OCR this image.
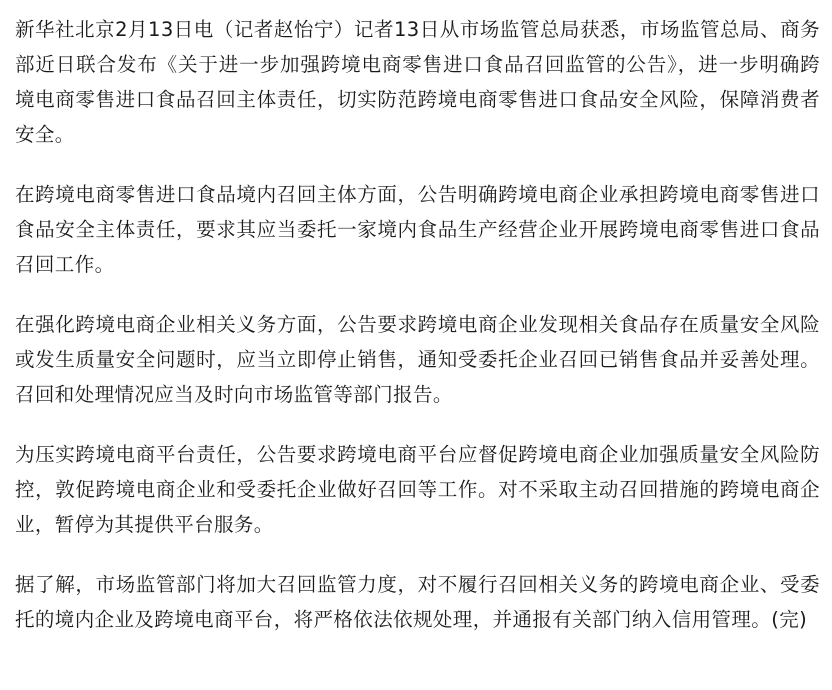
新华社北京2月13日电（记者赵怡宁）记者13日从市场监管总局获悉，市场监管总局、商务部近日联合发布《关于进一步加强跨境电商零售进口食品召回监管的公告》，进一步明确跨境电商零售进口食品召回主体责任，切实防范跨境电商零售进口食品安全风险，保障消费者安全。

在跨境电商零售进口食品境内召回主体方面，公告明确跨境电商企业承担跨境电商零售进口食品安全主体责任，要求其应当委托一家境内食品生产经营企业开展跨境电商零售进口食品召回工作。

在强化跨境电商企业相关义务方面，公告要求跨境电商企业发现相关食品存在质量安全风险或发生质量安全问题时，应当立即停止销售，通知受委托企业召回已销售食品并妥善处理。召回和处理情况应当及时向市场监管等部门报告。

为压实跨境电商平台责任，公告要求跨境电商平台应督促跨境电商企业加强质量安全风险防控，敦促跨境电商企业和受委托企业做好召回等工作。对不采取主动召回措施的跨境电商企业，暂停为其提供平台服务。

据了解，市场监管部门将加大召回监管力度，对不履行召回相关义务的跨境电商企业、受委托的境内企业及跨境电商平台，将严格依法依规处理，并通报有关部门纳入信用管理。(完)
